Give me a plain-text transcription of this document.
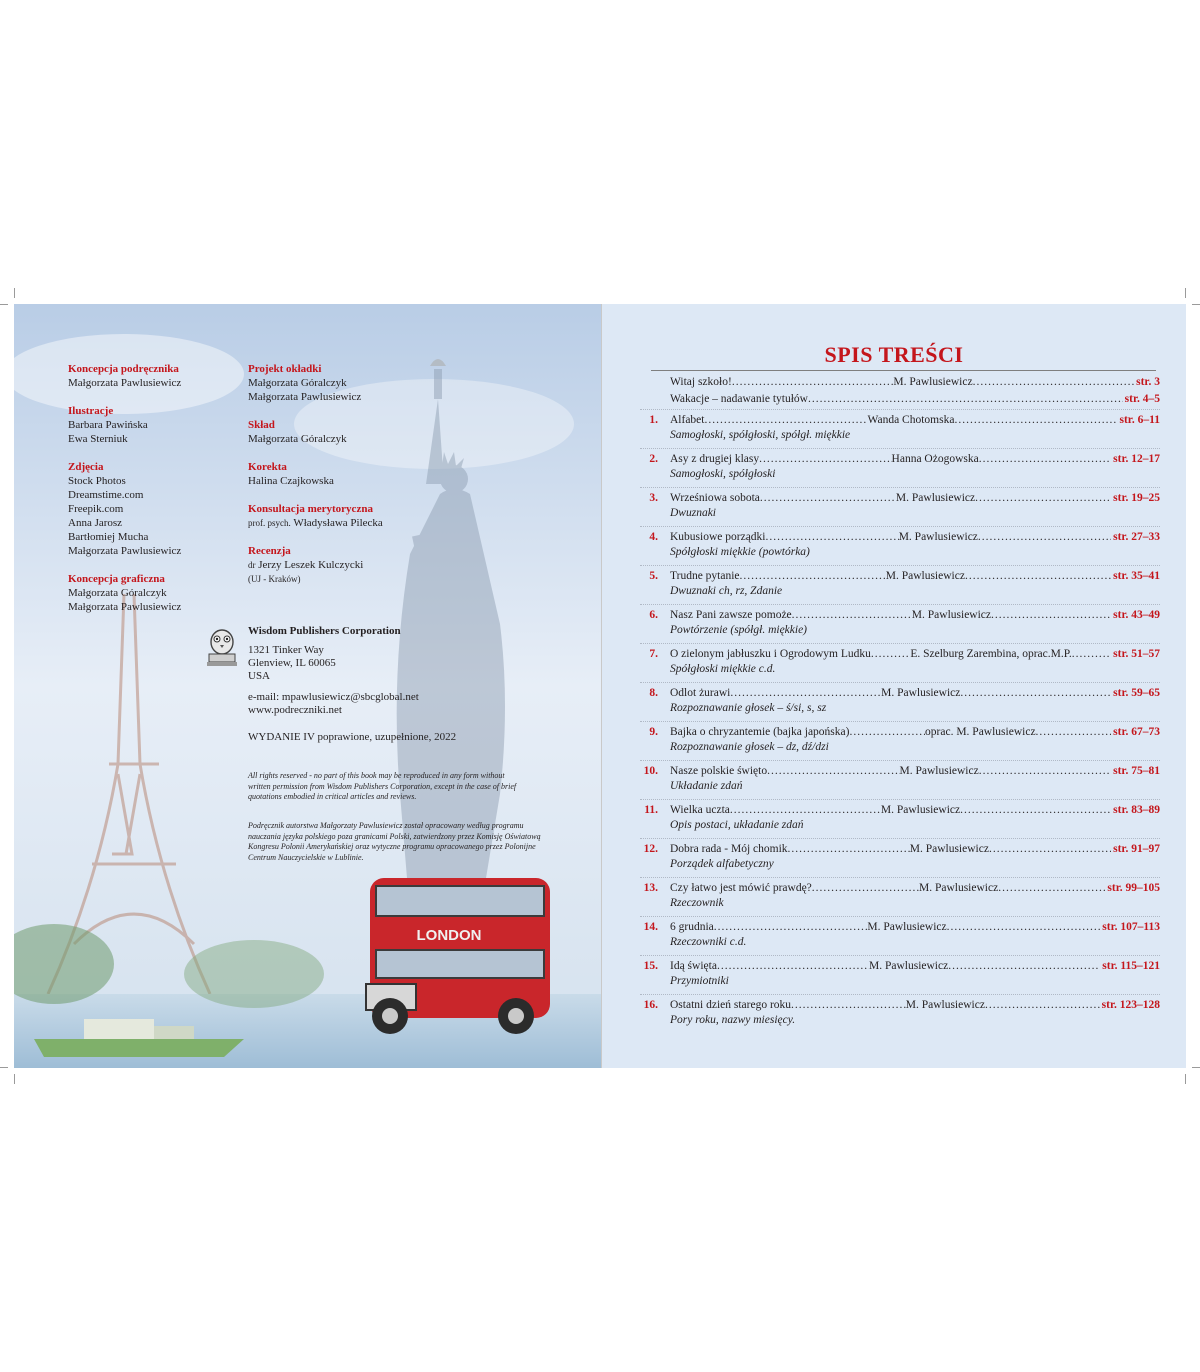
LONDON
Koncepcja podręcznika
Małgorzata Pawlusiewicz
Ilustracje
Barbara Pawińska
Ewa Sterniuk
Zdjęcia
Stock Photos
Dreamstime.com
Freepik.com
Anna Jarosz
Bartłomiej Mucha
Małgorzata Pawlusiewicz
Koncepcja graficzna
Małgorzata Góralczyk
Małgorzata Pawlusiewicz
Projekt okładki
Małgorzata Góralczyk
Małgorzata Pawlusiewicz
Skład
Małgorzata Góralczyk
Korekta
Halina Czajkowska
Konsultacja merytoryczna
prof. psych. Władysława Pilecka
Recenzja
dr Jerzy Leszek Kulczycki
(UJ - Kraków)
Wisdom Publishers Corporation
1321 Tinker Way
Glenview, IL 60065
USA
e-mail: mpawlusiewicz@sbcglobal.net
www.podreczniki.net
WYDANIE IV poprawione, uzupełnione, 2022
All rights reserved - no part of this book may be reproduced in any form without written permission from Wisdom Publishers Corporation, except in the case of brief quotations embodied in critical articles and reviews.
Podręcznik autorstwa Małgorzaty Pawlusiewicz został opracowany według programu nauczania języka polskiego poza granicami Polski, zatwierdzony przez Komisję Oświatową Kongresu Polonii Amerykańskiej oraz wytyczne programu opracowanego przez Polonijne Centrum Nauczycielskie w Lublinie.
SPIS TREŚCI
Witaj szkoło! .....	M. Pawlusiewicz .....	str. 3
Wakacje – nadawanie tytułów .....	str. 4–5
1. Alfabet .....	Wanda Chotomska .....	str. 6–11
Samogłoski, spółgłoski, spółgł. miękkie
2. Asy z drugiej klasy .....	Hanna Ożogowska .....	str. 12–17
Samogłoski, spółgłoski
3. Wrześniowa sobota .....	M. Pawlusiewicz .....	str. 19–25
Dwuznaki
4. Kubusiowe porządki .....	M. Pawlusiewicz .....	str. 27–33
Spółgłoski miękkie (powtórka)
5. Trudne pytanie .....	M. Pawlusiewicz .....	str. 35–41
Dwuznaki ch, rz, Zdanie
6. Nasz Pani zawsze pomoże .....	M. Pawlusiewicz .....	str. 43–49
Powtórzenie (spółgł. miękkie)
7. O zielonym jabłuszku i Ogrodowym Ludku .....	E. Szelburg Zarembina, oprac.M.P. .....	str. 51–57
Spółgłoski miękkie c.d.
8. Odlot żurawi .....	M. Pawlusiewicz .....	str. 59–65
Rozpoznawanie głosek – ś/si, s, sz
9. Bajka o chryzantemie (bajka japońska) .....	oprac. M. Pawlusiewicz .....	str. 67–73
Rozpoznawanie głosek – dz, dź/dzi
10. Nasze polskie święto .....	M. Pawlusiewicz .....	str. 75–81
Układanie zdań
11. Wielka uczta .....	M. Pawlusiewicz .....	str. 83–89
Opis postaci, układanie zdań
12. Dobra rada - Mój chomik .....	M. Pawlusiewicz .....	str. 91–97
Porządek alfabetyczny
13. Czy łatwo jest mówić prawdę? .....	M. Pawlusiewicz .....	str. 99–105
Rzeczownik
14. 6 grudnia .....	M. Pawlusiewicz .....	str. 107–113
Rzeczowniki c.d.
15. Idą święta .....	M. Pawlusiewicz .....	str. 115–121
Przymiotniki
16. Ostatni dzień starego roku .....	M. Pawlusiewicz .....	str. 123–128
Pory roku, nazwy miesięcy.
